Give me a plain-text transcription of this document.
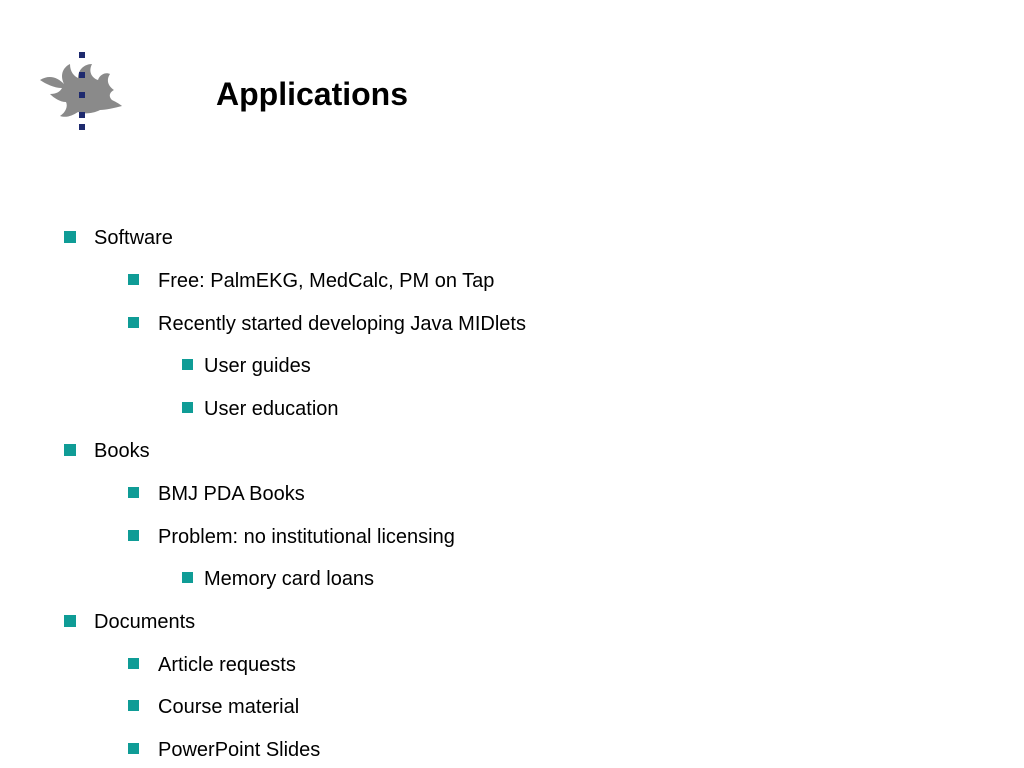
Applications
Software
Free: PalmEKG, MedCalc, PM on Tap
Recently started developing Java MIDlets
User guides
User education
Books
BMJ PDA Books
Problem: no institutional licensing
Memory card loans
Documents
Article requests
Course material
PowerPoint Slides
